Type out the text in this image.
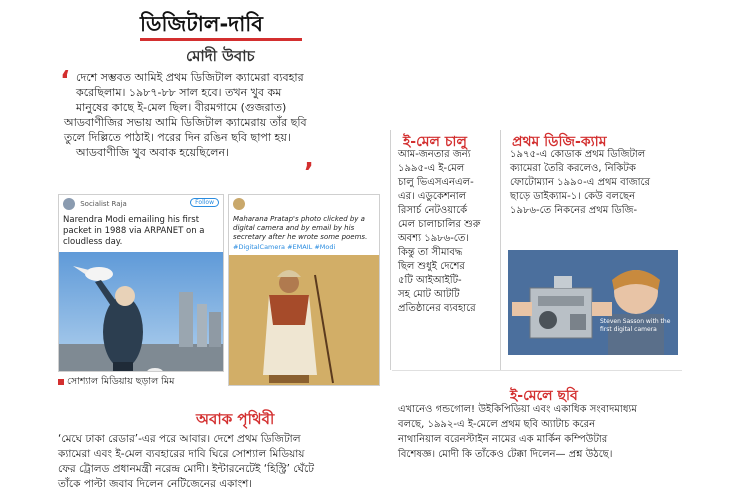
ডিজিটাল-দাবি
মোদী উবাচ
‘ দেশে সম্ভবত আমিই প্রথম ডিজিটাল ক্যামেরা ব্যবহার
করেছিলাম। ১৯৮৭-৮৮ সাল হবে। তখন খুব কম
মানুষের কাছে ই-মেল ছিল। বীরমগামে (গুজরাত)
আডবাণীজির সভায় আমি ডিজিটাল ক্যামেরায় তাঁর ছবি
তুলে দিল্লিতে পাঠাই। পরের দিন রঙিন ছবি ছাপা হয়।
আডবাণীজি খুব অবাক হয়েছিলেন।
’
Socialist Raja	Follow
Narendra Modi emailing his first packet in 1988 via ARPANET on a cloudless day.
Maharana Pratap's photo clicked by a digital camera and by email by his secretary after he wrote some poems.
#DigitalCamera #EMAIL #Modi
সোশ্যাল মিডিয়ায় ছড়াল মিম
অবাক পৃথিবী
‘মেঘে ঢাকা রেডার’-এর পরে আবার। দেশে প্রথম ডিজিটাল
ক্যামেরা এবং ই-মেল ব্যবহারের দাবি ঘিরে সোশ্যাল মিডিয়ায়
ফের ট্রোলড প্রধানমন্ত্রী নরেন্দ্র মোদী। ইন্টারনেটেই ‘হিস্ট্রি’ ঘেঁটে
তাঁকে পাল্টা জবাব দিলেন নেটিজেনের একাংশ।
ই-মেল চালু
আম-জনতার জন্য
১৯৯৫-এ ই-মেল
চালু ভিএসএনএল-
এর। এডুকেশনাল
রিসার্চ নেটওয়ার্কে
মেল চালাচালির শুরু
অবশ্য ১৯৮৬-তে।
কিন্তু তা সীমাবদ্ধ
ছিল শুধুই দেশের
৫টি আইআইটি-
সহ মোট আটটি
প্রতিষ্ঠানের ব্যবহারে
প্রথম ডিজি-ক্যাম
১৯৭৫-এ কোডাক প্রথম ডিজিটাল
ক্যামেরা তৈরি করলেও, নিকিটক
ফোটোম্যান ১৯৯০-এ প্রথম বাজারে
ছাড়ে ডাইক্যাম-১। কেউ বলছেন
১৯৮৬-তে নিকনের প্রথম ডিজি-
Steven Sasson with the first digital camera
ই-মেলে ছবি
এখানেও গন্ডগোল! উইকিপিডিয়া এবং একাধিক সংবাদমাধ্যম
বলছে, ১৯৯২-এ ই-মেলে প্রথম ছবি অ্যাটাচ করেন
নাথানিয়াল বরেনস্টাইন নামের এক মার্কিন কম্পিউটার
বিশেষজ্ঞ। মোদী কি তাঁকেও টেক্কা দিলেন— প্রশ্ন উঠছে।
